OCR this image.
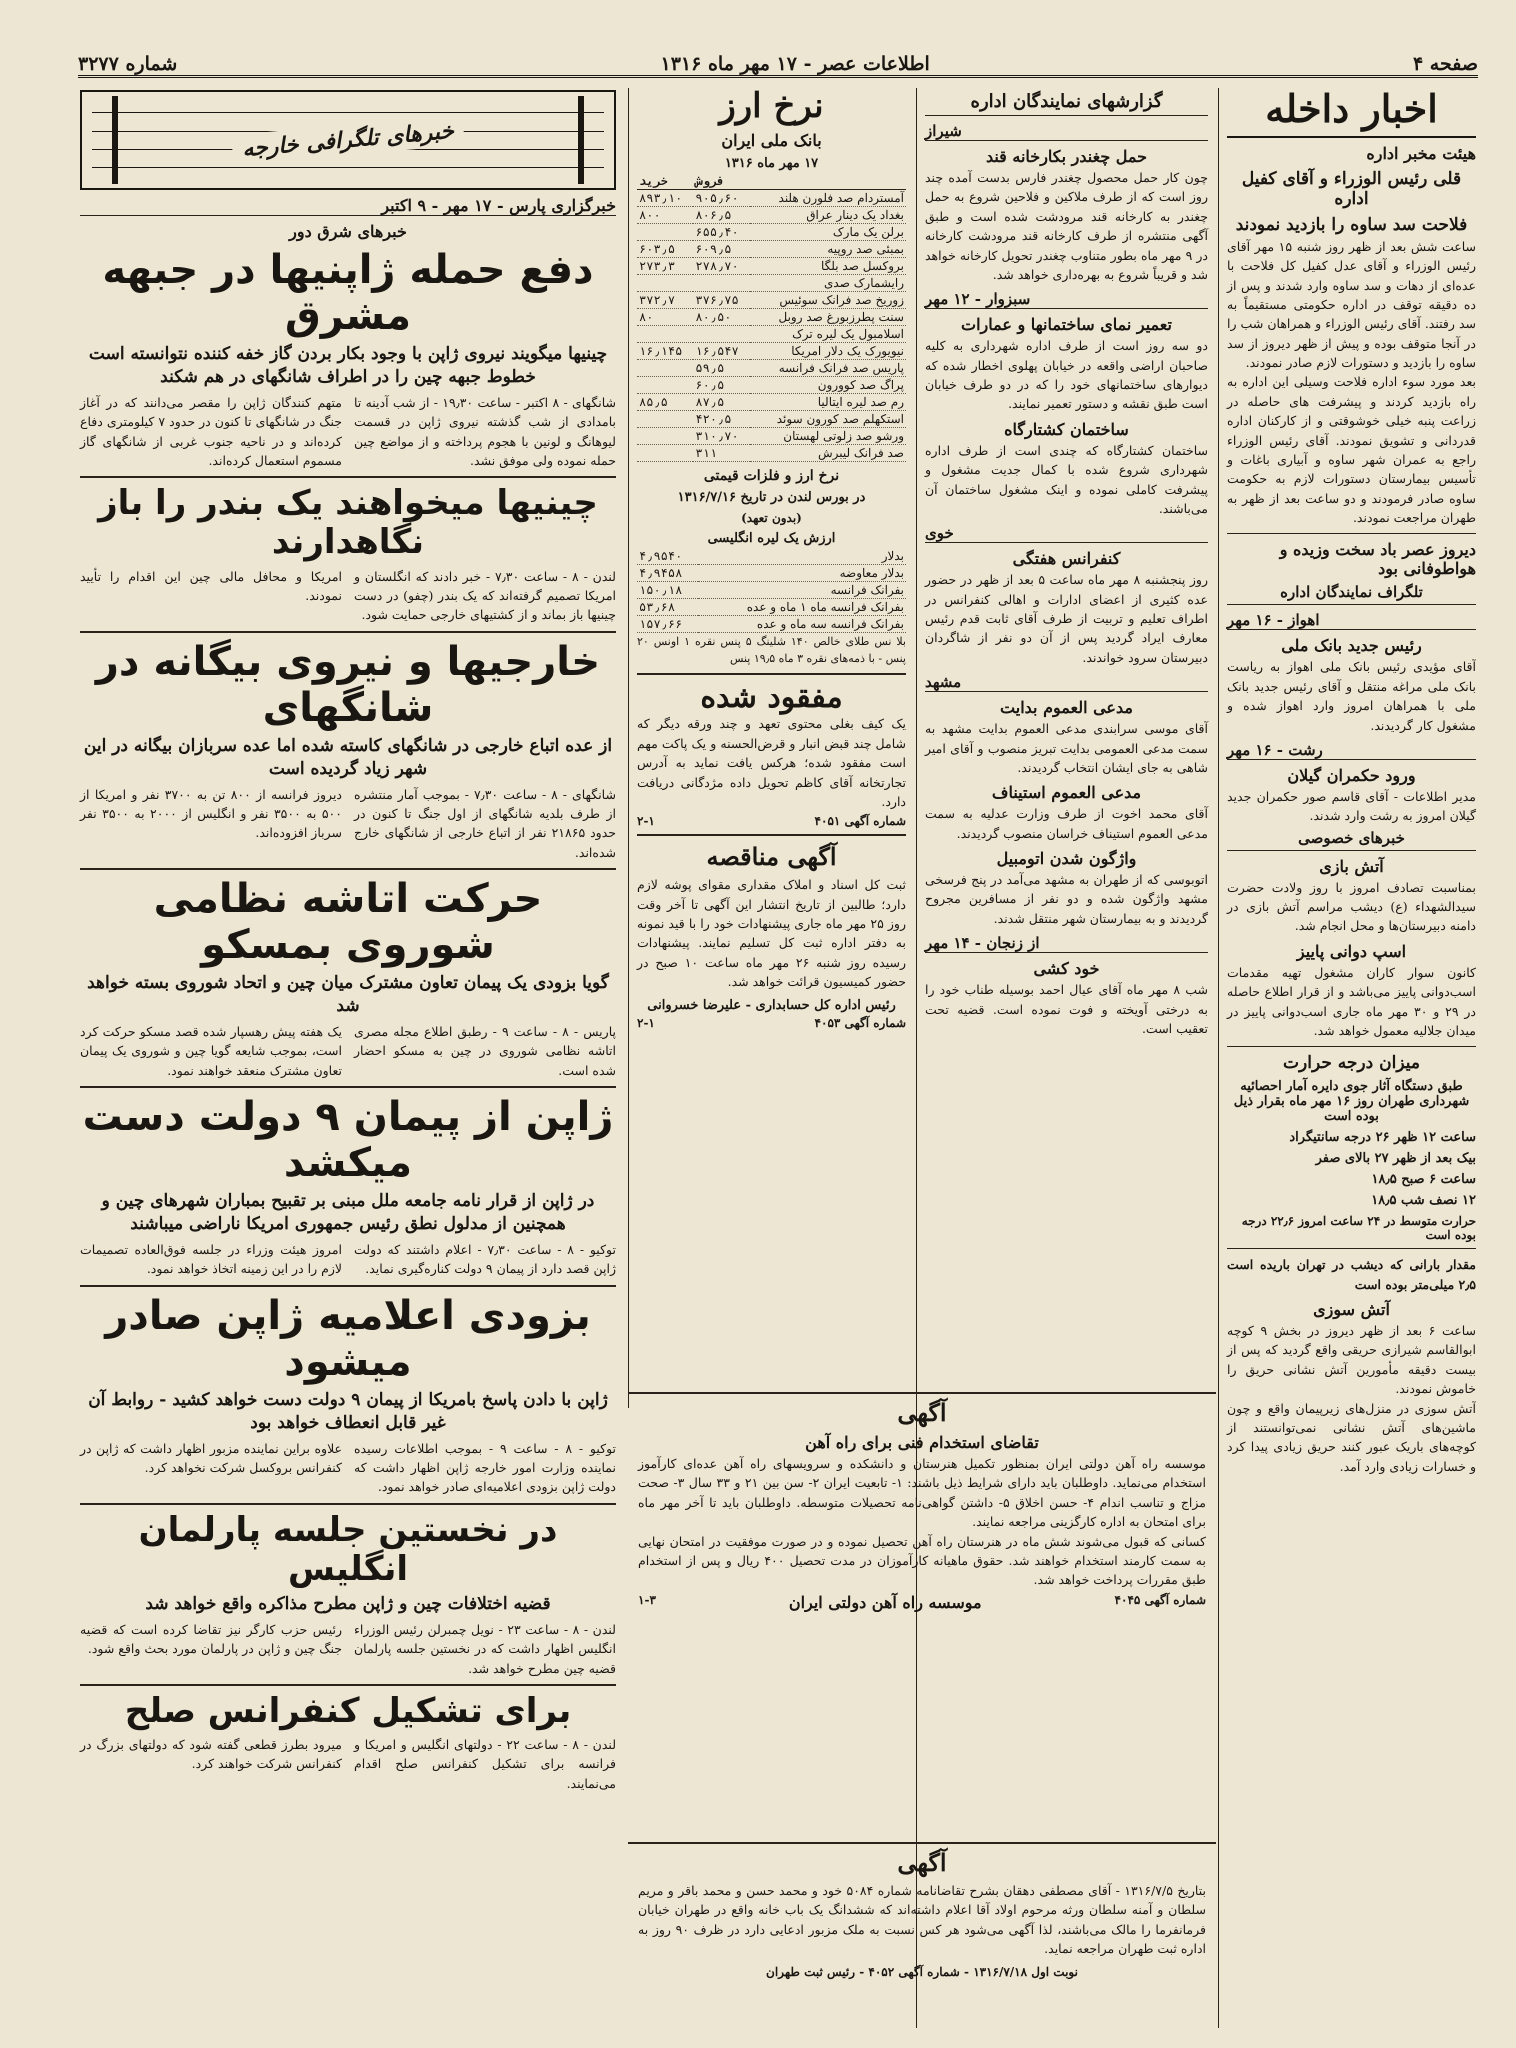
صفحه ۴
اطلاعات عصر - ۱۷ مهر ماه ۱۳۱۶
شماره ۳۲۷۷
اخبار داخله
هیئت مخبر اداره
قلی رئیس الوزراء و آقای کفیل اداره
فلاحت سد ساوه را بازدید نمودند

ساعت شش بعد از ظهر روز شنبه ۱۵ مهر آقای رئیس الوزراء و آقای عدل کفیل کل فلاحت با عده‌ای از دهات و سد ساوه وارد شدند و پس از ده دقیقه توقف در اداره حکومتی مستقیماً به سد رفتند. آقای رئیس الوزراء و همراهان شب را در آنجا متوقف بوده و پیش از ظهر دیروز از سد ساوه را بازدید و دستورات لازم صادر نمودند.

بعد مورد سوء اداره فلاحت وسیلی این اداره به راه بازدید کردند و پیشرفت های حاصله در زراعت پنبه خیلی خوشوقتی و از کارکنان اداره قدردانی و تشویق نمودند. آقای رئیس الوزراء راجع به عمران شهر ساوه و آبیاری باغات و تأسیس بیمارستان دستورات لازم به حکومت ساوه صادر فرمودند و دو ساعت بعد از ظهر به طهران مراجعت نمودند.

دیروز عصر باد سخت وزیده و هواطوفانی بود
تلگراف نمایندگان اداره
اهواز - ۱۶ مهر
رئیس جدید بانک ملی

آقای مؤیدی رئیس بانک ملی اهواز به ریاست بانک ملی مراغه منتقل و آقای رئیس جدید بانک ملی با همراهان امروز وارد اهواز شده و مشغول کار گردیدند.

رشت - ۱۶ مهر
ورود حکمران گیلان

مدیر اطلاعات - آقای قاسم صور حکمران جدید گیلان امروز به رشت وارد شدند.

خبرهای خصوصی
آتش بازی

بمناسبت تصادف امروز با روز ولادت حضرت سیدالشهداء (ع) دیشب مراسم آتش بازی در دامنه دبیرستان‌ها و محل انجام شد.

اسپ دوانی پاییز

کانون سوار کاران مشغول تهیه مقدمات اسب‌دوانی پاییز می‌باشد و از قرار اطلاع حاصله در ۲۹ و ۳۰ مهر ماه جاری اسب‌دوانی پاییز در میدان جلالیه معمول خواهد شد.

میزان درجه حرارت
طبق دستگاه آثار جوی دایره آمار احصائیه شهرداری طهران روز ۱۶ مهر ماه بقرار ذیل بوده است
ساعت ۱۲ ظهر ۲۶ درجه سانتیگراد
بیک بعد از ظهر ۲۷ بالای صفر
ساعت ۶ صبح ۱۸٫۵
۱۲ نصف شب ۱۸٫۵
حرارت متوسط در ۲۴ ساعت امروز ۲۲٫۶ درجه بوده است

مقدار بارانی که دیشب در تهران باریده است ۲٫۵ میلی‌متر بوده است

آتش سوزی

ساعت ۶ بعد از ظهر دیروز در بخش ۹ کوچه ابوالقاسم شیرازی حریقی واقع گردید که پس از بیست دقیقه مأمورین آتش نشانی حریق را خاموش نمودند.

آتش سوزی در منزل‌های زیرپیمان واقع و چون ماشین‌های آتش نشانی نمی‌توانستند از کوچه‌های باریک عبور کنند حریق زیادی پیدا کرد و خسارات زیادی وارد آمد.

گزارشهای نمایندگان اداره
شیراز
حمل چغندر بکارخانه قند

چون کار حمل محصول چغندر فارس بدست آمده چند روز است که از طرف ملاکین و فلاحین شروع به حمل چغندر به کارخانه قند مرودشت شده است و طبق آگهی منتشره از طرف کارخانه قند مرودشت کارخانه در ۹ مهر ماه بطور متناوب چغندر تحویل کارخانه خواهد شد و قریباً شروع به بهره‌داری خواهد شد.

سبزوار - ۱۲ مهر
تعمیر نمای ساختمانها و عمارات

دو سه روز است از طرف اداره شهرداری به کلیه صاحبان اراضی واقعه در خیابان پهلوی اخطار شده که دیوارهای ساختمانهای خود را که در دو طرف خیابان است طبق نقشه و دستور تعمیر نمایند.

ساختمان کشتارگاه

ساختمان کشتارگاه که چندی است از طرف اداره شهرداری شروع شده با کمال جدیت مشغول و پیشرفت کاملی نموده و اینک مشغول ساختمان آن می‌باشند.

خوی
کنفرانس هفتگی

روز پنجشنبه ۸ مهر ماه ساعت ۵ بعد از ظهر در حضور عده کثیری از اعضای ادارات و اهالی کنفرانس در اطراف تعلیم و تربیت از طرف آقای ثابت قدم رئیس معارف ایراد گردید پس از آن دو نفر از شاگردان دبیرستان سرود خواندند.

مشهد
مدعی العموم بدایت

آقای موسی سرابندی مدعی العموم بدایت مشهد به سمت مدعی العمومی بدایت تبریز منصوب و آقای امیر شاهی به جای ایشان انتخاب گردیدند.

مدعی العموم استیناف

آقای محمد اخوت از طرف وزارت عدلیه به سمت مدعی العموم استیناف خراسان منصوب گردیدند.

واژگون شدن اتومبیل

اتوبوسی که از طهران به مشهد می‌آمد در پنج فرسخی مشهد واژگون شده و دو نفر از مسافرین مجروح گردیدند و به بیمارستان شهر منتقل شدند.

از زنجان - ۱۴ مهر
خود کشی

شب ۸ مهر ماه آقای عیال احمد بوسیله طناب خود را به درختی آویخته و فوت نموده است. قضیه تحت تعقیب است.

نرخ ارز
بانک ملی ایران
۱۷ مهر ماه ۱۳۱۶
	فروش	خرید
آمستردام صد فلورن هلند	۹۰۵٫۶۰	۸۹۳٫۱۰
بغداد یک دینار عراق	۸۰۶٫۵	۸۰۰
برلن یک مارک	۶۵۵٫۴۰	
بمبئی صد روپیه	۶۰۹٫۵	۶۰۳٫۵
بروکسل صد بلگا	۲۷۸٫۷۰	۲۷۳٫۳
رایشمارک صدی		
زوریخ صد فرانک سوئیس	۳۷۶٫۷۵	۳۷۲٫۷
سنت پطرزبورغ صد روبل	۸۰٫۵۰	۸۰
اسلامبول یک لیره ترک		
نیویورک یک دلار امریکا	۱۶٫۵۴۷	۱۶٫۱۴۵
پاریس صد فرانک فرانسه	۵۹٫۵	
پراگ صد کوورون	۶۰٫۵	
رم صد لیره ایتالیا	۸۷٫۵	۸۵٫۵
استکهلم صد کورون سوئد	۴۲۰٫۵	
ورشو صد زلوتی لهستان	۳۱۰٫۷۰	
صد فرانک لیبرش	۳۱۱	
نرخ ارز و فلزات قیمتی
در بورس لندن در تاریخ ۱۳۱۶/۷/۱۶
(بدون تعهد)
ارزش یک لیره انگلیسی
بدلار	۴٫۹۵۴۰
بدلار معاوضه	۴٫۹۴۵۸
بفرانک فرانسه	۱۵۰٫۱۸
بفرانک فرانسه ماه ۱ ماه و عده	۵۳٫۶۸
بفرانک فرانسه سه ماه و عده	۱۵۷٫۶۶

بلا نس طلای خالص ۱۴۰ شلینگ ۵ پنس نقره ۱ اونس ۲۰ پنس - با ذمه‌های نقره ۳ ماه ۱۹٫۵ پنس

مفقود شده

یک کیف بغلی محتوی تعهد و چند ورقه دیگر که شامل چند قبض انبار و قرض‌الحسنه و یک پاکت مهم است مفقود شده؛ هرکس یافت نماید به آدرس تجارتخانه آقای کاظم تحویل داده مژدگانی دریافت دارد.

شماره آگهی ۴۰۵۱
۲-۱
آگهی مناقصه

ثبت کل اسناد و املاک مقداری مقوای پوشه لازم دارد؛ طالبین از تاریخ انتشار این آگهی تا آخر وقت روز ۲۵ مهر ماه جاری پیشنهادات خود را با قید نمونه به دفتر اداره ثبت کل تسلیم نمایند. پیشنهادات رسیده روز شنبه ۲۶ مهر ماه ساعت ۱۰ صبح در حضور کمیسیون قرائت خواهد شد.

رئیس اداره کل حسابداری - علیرضا خسروانی
شماره آگهی ۴۰۵۳
۲-۱
آگهی
تقاضای استخدام فنی برای راه آهن

موسسه راه آهن دولتی ایران بمنظور تکمیل هنرستان و دانشکده و سرویسهای راه آهن عده‌ای کارآموز استخدام می‌نماید. داوطلبان باید دارای شرایط ذیل باشند: ۱- تابعیت ایران ۲- سن بین ۲۱ و ۳۳ سال ۳- صحت مزاج و تناسب اندام ۴- حسن اخلاق ۵- داشتن گواهی‌نامه تحصیلات متوسطه. داوطلبان باید تا آخر مهر ماه برای امتحان به اداره کارگزینی مراجعه نمایند.

کسانی که قبول می‌شوند شش ماه در هنرستان راه آهن تحصیل نموده و در صورت موفقیت در امتحان نهایی به سمت کارمند استخدام خواهند شد. حقوق ماهیانه کارآموزان در مدت تحصیل ۴۰۰ ریال و پس از استخدام طبق مقررات پرداخت خواهد شد.

شماره آگهی ۴۰۴۵
موسسه راه آهن دولتی ایران
۱-۳
آگهی

بتاریخ ۱۳۱۶/۷/۵ - آقای مصطفی دهقان بشرح تقاضانامه شماره ۵۰۸۴ خود و محمد حسن و محمد باقر و مریم سلطان و آمنه سلطان ورثه مرحوم اولاد آقا اعلام داشته‌اند که ششدانگ یک باب خانه واقع در طهران خیابان فرمانفرما را مالک می‌باشند، لذا آگهی می‌شود هر کس نسبت به ملک مزبور ادعایی دارد در ظرف ۹۰ روز به اداره ثبت طهران مراجعه نماید.

نوبت اول ۱۳۱۶/۷/۱۸ - شماره آگهی ۴۰۵۲ - رئیس ثبت طهران
خبرهای تلگرافی خارجه
خبرگزاری پارس - ۱۷ مهر - ۹ اکتبر
خبرهای شرق دور
دفع حمله ژاپنیها در جبهه مشرق
چینیها میگویند نیروی ژاپن با وجود بکار بردن گاز خفه کننده نتوانسته است خطوط جبهه چین را در اطراف شانگهای در هم شکند

شانگهای - ۸ اکتبر - ساعت ۱۹٫۳۰ - از شب آدینه تا بامدادی از شب گذشته نیروی ژاپن در قسمت لیوهانگ و لونین با هجوم پرداخته و از مواضع چین حمله نموده ولی موفق نشد.

متهم کنندگان ژاپن را مقصر می‌دانند که در آغاز جنگ در شانگهای تا کنون در حدود ۷ کیلومتری دفاع کرده‌اند و در ناحیه جنوب غربی از شانگهای گاز مسموم استعمال کرده‌اند.

چینیها میخواهند یک بندر را باز نگاهدارند

لندن - ۸ - ساعت ۷٫۳۰ - خبر دادند که انگلستان و امریکا تصمیم گرفته‌اند که یک بندر (چفو) در دست چینیها باز بماند و از کشتیهای خارجی حمایت شود.

امریکا و محافل مالی چین این اقدام را تأیید نمودند.

خارجیها و نیروی بیگانه در شانگهای
از عده اتباع خارجی در شانگهای کاسته شده اما عده سربازان بیگانه در این شهر زیاد گردیده است

شانگهای - ۸ - ساعت ۷٫۳۰ - بموجب آمار منتشره از طرف بلدیه شانگهای از اول جنگ تا کنون در حدود ۲۱۸۶۵ نفر از اتباع خارجی از شانگهای خارج شده‌اند.

دیروز فرانسه از ۸۰۰ تن به ۳۷۰۰ نفر و امریکا از ۵۰۰ به ۳۵۰۰ نفر و انگلیس از ۲۰۰۰ به ۳۵۰۰ نفر سرباز افزوده‌اند.

حرکت اتاشه نظامی شوروی بمسکو
گویا بزودی یک پیمان تعاون مشترک میان چین و اتحاد شوروی بسته خواهد شد

پاریس - ۸ - ساعت ۹ - رطبق اطلاع مجله مصری اتاشه نظامی شوروی در چین به مسکو احضار شده است.

یک هفته پیش رهسپار شده قصد مسکو حرکت کرد است، بموجب شایعه گویا چین و شوروی یک پیمان تعاون مشترک منعقد خواهند نمود.

ژاپن از پیمان ۹ دولت دست میکشد
در ژاپن از قرار نامه جامعه ملل مبنی بر تقبیح بمباران شهرهای چین و همچنین از مدلول نطق رئیس جمهوری امریکا ناراضی میباشند

توکیو - ۸ - ساعت ۷٫۳۰ - اعلام داشتند که دولت ژاپن قصد دارد از پیمان ۹ دولت کناره‌گیری نماید.

امروز هیئت وزراء در جلسه فوق‌العاده تصمیمات لازم را در این زمینه اتخاذ خواهد نمود.

بزودی اعلامیه ژاپن صادر میشود
ژاپن با دادن پاسخ بامریکا از پیمان ۹ دولت دست خواهد کشید - روابط آن غیر قابل انعطاف خواهد بود

توکیو - ۸ - ساعت ۹ - بموجب اطلاعات رسیده نماینده وزارت امور خارجه ژاپن اظهار داشت که دولت ژاپن بزودی اعلامیه‌ای صادر خواهد نمود.

علاوه براین نماینده مزبور اظهار داشت که ژاپن در کنفرانس بروکسل شرکت نخواهد کرد.

در نخستین جلسه پارلمان انگلیس
قضیه اختلافات چین و ژاپن مطرح مذاکره واقع خواهد شد

لندن - ۸ - ساعت ۲۳ - نویل چمبرلن رئیس الوزراء انگلیس اظهار داشت که در نخستین جلسه پارلمان قضیه چین مطرح خواهد شد.

رئیس حزب کارگر نیز تقاضا کرده است که قضیه جنگ چین و ژاپن در پارلمان مورد بحث واقع شود.

برای تشکیل کنفرانس صلح

لندن - ۸ - ساعت ۲۲ - دولتهای انگلیس و امریکا و فرانسه برای تشکیل کنفرانس صلح اقدام می‌نمایند.

میرود بطرز قطعی گفته شود که دولتهای بزرگ در کنفرانس شرکت خواهند کرد.
